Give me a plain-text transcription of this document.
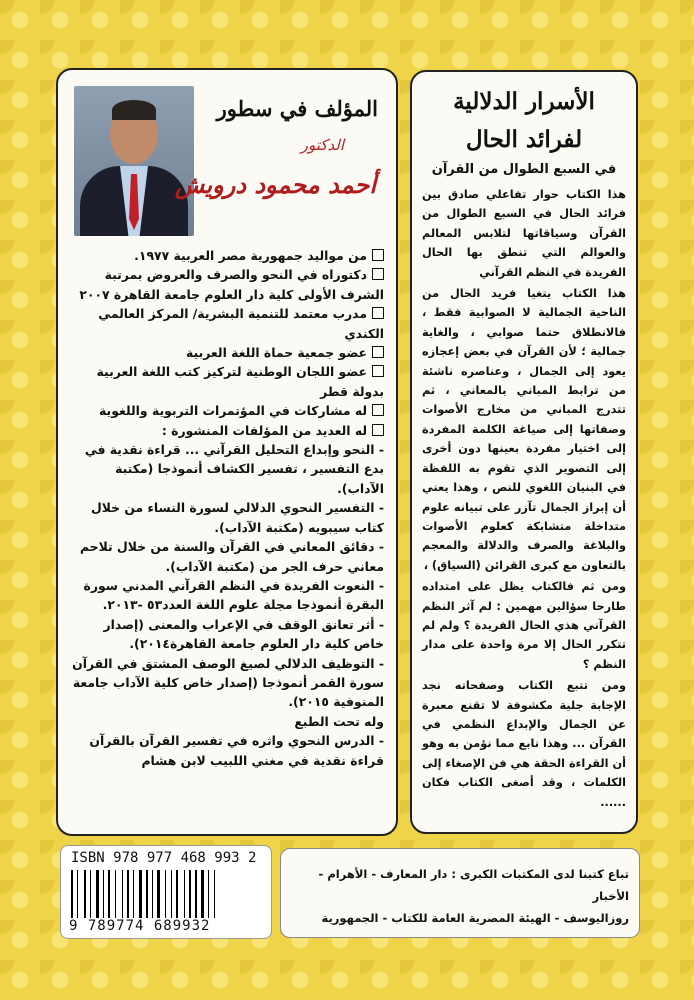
المؤلف في سطور
الدكتور
أحمد محمود درويش
من مواليد جمهورية مصر العربية ١٩٧٧.
دكتوراه في النحو والصرف والعروض بمرتبة الشرف الأولى كلية دار العلوم جامعة القاهرة ٢٠٠٧
مدرب معتمد للتنمية البشرية/ المركز العالمي الكندي
عضو جمعية حماة اللغة العربية
عضو اللجان الوطنية لتركيز كتب اللغة العربية بدولة قطر
له مشاركات في المؤتمرات التربوية واللغوية
له العديد من المؤلفات المنشورة :
- النحو وإبداع التحليل القرآني ... قراءة نقدية في بدع التفسير ، تفسير الكشاف أنموذجا (مكتبة الآداب).
- التفسير النحوي الدلالي لسورة النساء من خلال كتاب سيبويه (مكتبة الآداب).
- دقائق المعاني في القرآن والسنة من خلال تلاحم معاني حرف الجر من (مكتبة الآداب).
- النعوت الفريدة في النظم القرآني المدني سورة البقرة أنموذجا مجلة علوم اللغة العدد٥٣ -٢٠١٣.
- أثر تعانق الوقف في الإعراب والمعنى (إصدار خاص كلية دار العلوم جامعة القاهرة٢٠١٤).
- التوظيف الدلالي لصيغ الوصف المشتق في القرآن سورة القمر أنموذجا (إصدار خاص كلية الآداب جامعة المنوفية ٢٠١٥).
وله تحت الطبع
- الدرس النحوي واثره في تفسير القرآن بالقرآن قراءة نقدية في مغني اللبيب لابن هشام
الأسرار الدلالية
لفرائد الحال
في السبع الطوال من القرآن

هذا الكتاب حوار تفاعلي صادق بين فرائد الحال في السبع الطوال من القرآن وسياقاتها لتلابس المعالم والعوالم التي تنطق بها الحال الفريدة في النظم القرآني

هذا الكتاب يتغيا فريد الحال من الناحية الجمالية لا الصوابية فقط ، فالانطلاق حتما صوابي ، والغاية جمالية ؛ لأن القرآن في بعض إعجازه يعود إلى الجمال ، وعناصره ناشئة من ترابط المباني بالمعاني ، ثم تتدرج المباني من مخارج الأصوات وصفاتها إلى صياغة الكلمة المفردة إلى اختيار مفردة بعينها دون أخرى إلى التصوير الذي تقوم به اللفظة في البنيان اللغوي للنص ، وهذا يعني أن إبراز الجمال تآزر على تبيانه علوم متداخلة متشابكة كعلوم الأصوات والبلاغة والصرف والدلالة والمعجم بالتعاون مع كبرى القرائن (السياق) ،

ومن ثم فالكتاب يظل على امتداده طارحا سؤالين مهمين : لم آثر النظم القرآني هذي الحال الفريدة ؟ ولم لم تتكرر الحال إلا مرة واحدة على مدار النظم ؟

ومن تتبع الكتاب وصفحاته نجد الإجابة جلية مكشوفة لا تقنع معبرة عن الجمال والإبداع النظمي في القرآن ... وهذا نابع مما نؤمن به وهو أن القراءة الحقة هي فن الإصغاء إلى الكلمات ، وقد أصغى الكتاب فكان ......

ISBN 978 977 468 993 2
9 789774 689932
تباع كتبنا لدى المكتبات الكبرى : دار المعارف - الأهرام - الأخبار
روزاليوسف - الهيئة المصرية العامة للكتاب - الجمهورية
